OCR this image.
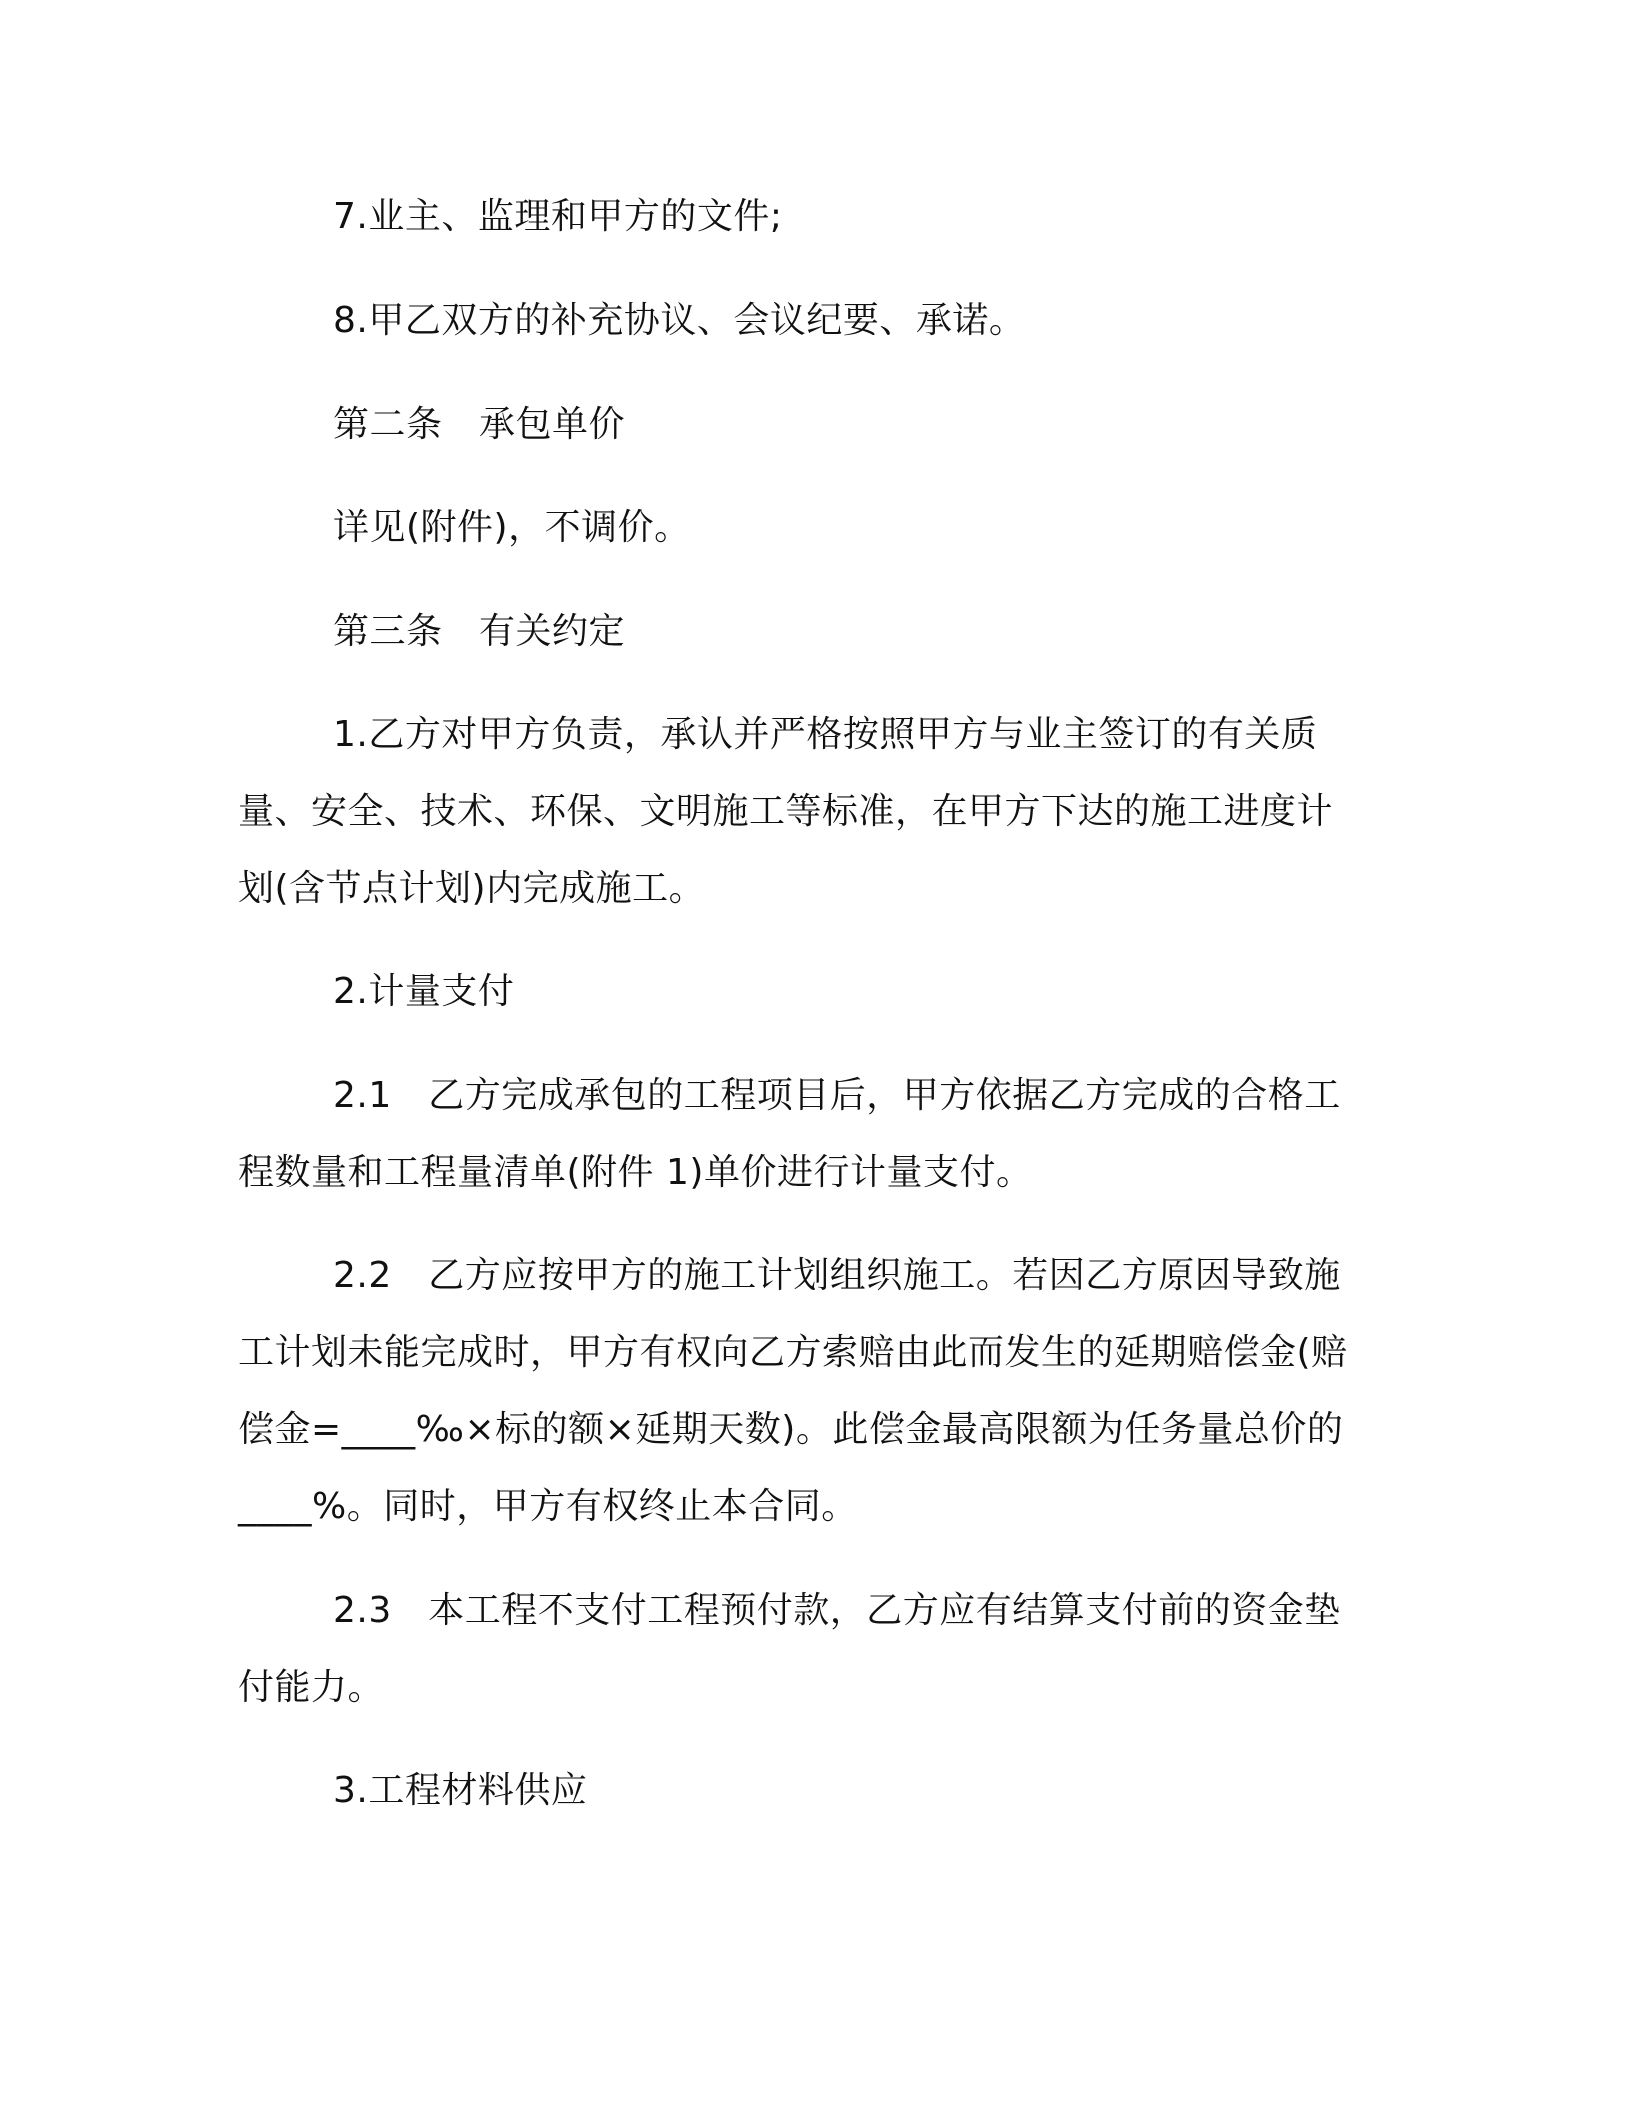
7.业主、监理和甲方的文件;
8.甲乙双方的补充协议、会议纪要、承诺。
第二条　承包单价
详见(附件)，不调价。
第三条　有关约定
1.乙方对甲方负责，承认并严格按照甲方与业主签订的有关质
量、安全、技术、环保、文明施工等标准，在甲方下达的施工进度计
划(含节点计划)内完成施工。
2.计量支付
2.1　乙方完成承包的工程项目后，甲方依据乙方完成的合格工
程数量和工程量清单(附件 1)单价进行计量支付。
2.2　乙方应按甲方的施工计划组织施工。若因乙方原因导致施
工计划未能完成时，甲方有权向乙方索赔由此而发生的延期赔偿金(赔
偿金=____‰×标的额×延期天数)。此偿金最高限额为任务量总价的
____%。同时，甲方有权终止本合同。
2.3　本工程不支付工程预付款，乙方应有结算支付前的资金垫
付能力。
3.工程材料供应
